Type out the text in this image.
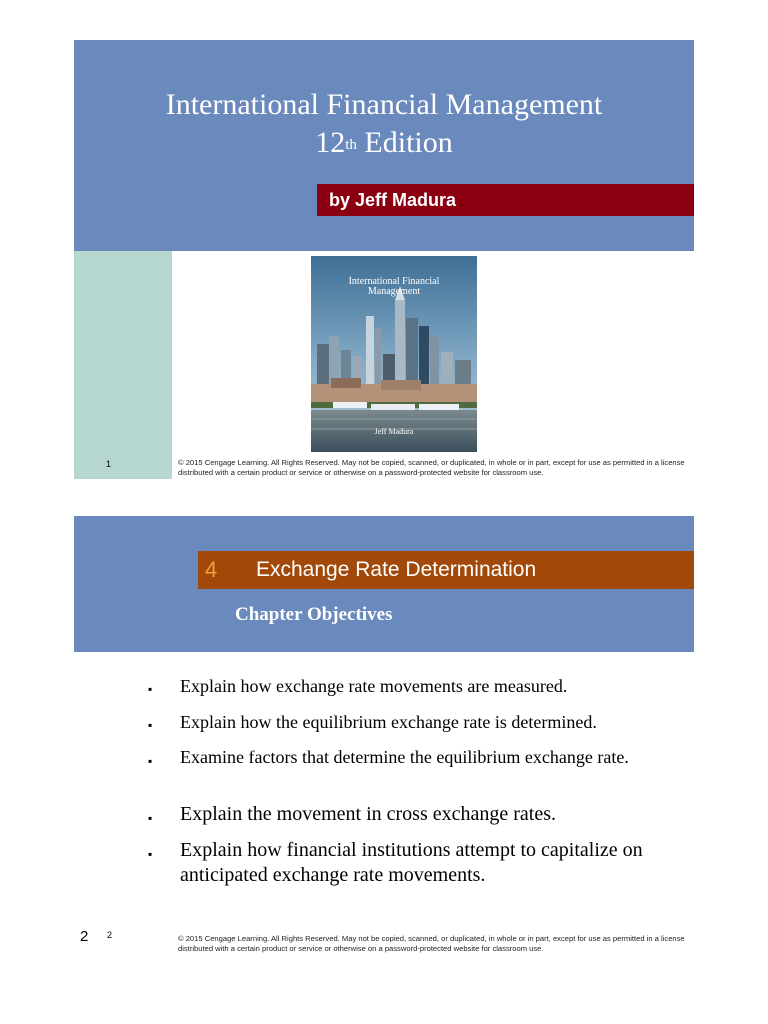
International Financial Management
12th Edition
by Jeff Madura
International Financial
Management
Jeff Madura
1	© 2015 Cengage Learning. All Rights Reserved. May not be copied, scanned, or duplicated, in whole or in part, except for use as permitted in a license distributed with a certain product or service or otherwise on a password-protected website for classroom use.
4 Exchange Rate Determination
Chapter Objectives
▪ Explain how exchange rate movements are measured.
▪ Explain how the equilibrium exchange rate is determined.
▪ Examine factors that determine the equilibrium exchange rate.
▪ Explain the movement in cross exchange rates.
▪ Explain how financial institutions attempt to capitalize on anticipated exchange rate movements.
2 2	© 2015 Cengage Learning. All Rights Reserved. May not be copied, scanned, or duplicated, in whole or in part, except for use as permitted in a license distributed with a certain product or service or otherwise on a password-protected website for classroom use.
